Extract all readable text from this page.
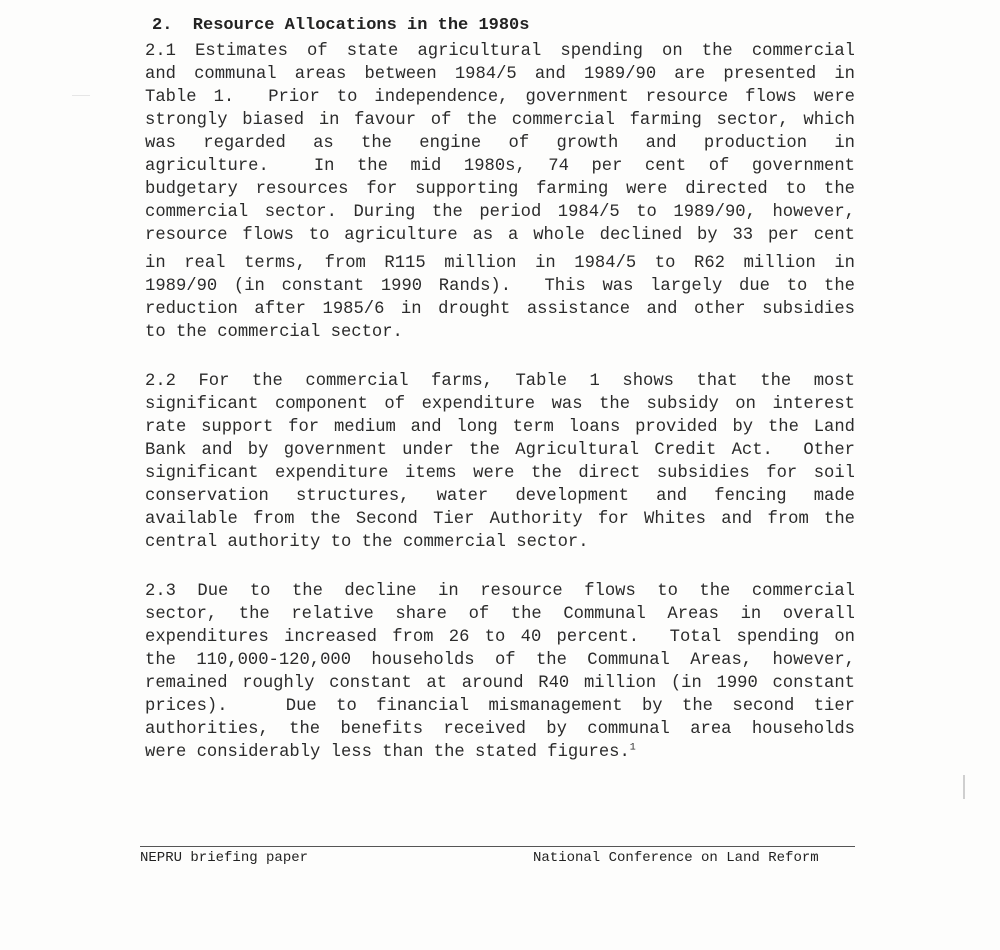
2.  Resource Allocations in the 1980s
2.1 Estimates of state agricultural spending on the commercial
and communal areas between 1984/5 and 1989/90 are presented in
Table 1.  Prior to independence, government resource flows were
strongly biased in favour of the commercial farming sector, which
was regarded as the engine of growth and production in
agriculture.  In the mid 1980s, 74 per cent of government
budgetary resources for supporting farming were directed to the
commercial sector. During the period 1984/5 to 1989/90, however,
resource flows to agriculture as a whole declined by 33 per cent
in real terms, from R115 million in 1984/5 to R62 million in
1989/90 (in constant 1990 Rands).  This was largely due to the
reduction after 1985/6 in drought assistance and other subsidies
to the commercial sector.
2.2 For the commercial farms, Table 1 shows that the most
significant component of expenditure was the subsidy on interest
rate support for medium and long term loans provided by the Land
Bank and by government under the Agricultural Credit Act.  Other
significant expenditure items were the direct subsidies for soil
conservation structures, water development and fencing made
available from the Second Tier Authority for Whites and from the
central authority to the commercial sector.
2.3 Due to the decline in resource flows to the commercial
sector, the relative share of the Communal Areas in overall
expenditures increased from 26 to 40 percent.  Total spending on
the 110,000-120,000 households of the Communal Areas, however,
remained roughly constant at around R40 million (in 1990 constant
prices).   Due to financial mismanagement by the second tier
authorities, the benefits received by communal area households
were considerably less than the stated figures.$^1$
NEPRU briefing paper	National Conference on Land Reform
